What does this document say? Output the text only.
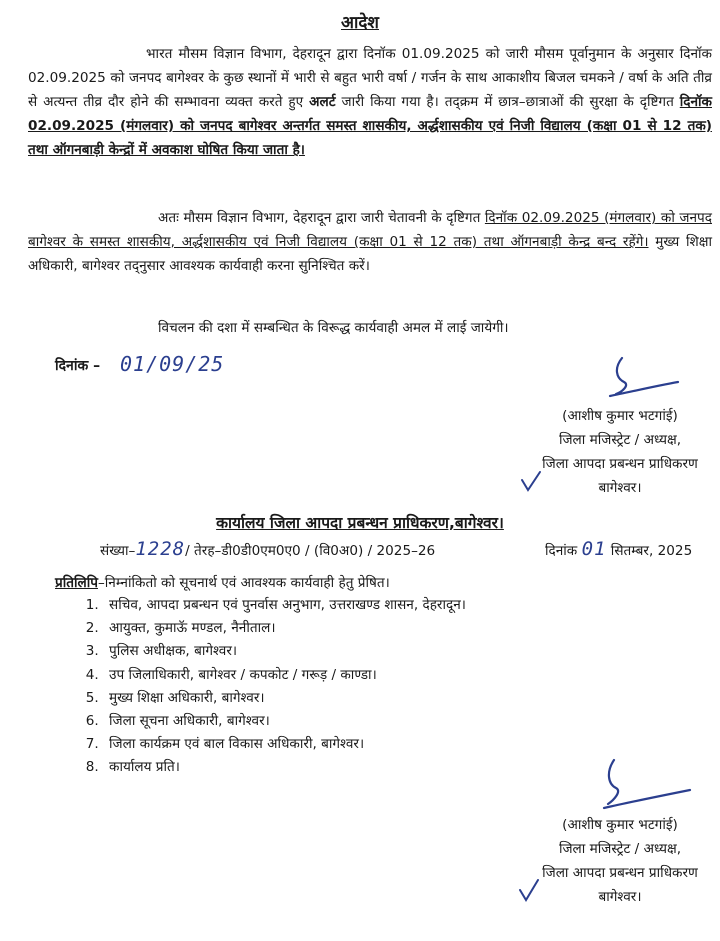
आदेश
भारत मौसम विज्ञान विभाग, देहरादून द्वारा दिनॉक 01.09.2025 को जारी मौसम पूर्वानुमान के अनुसार दिनॉक 02.09.2025 को जनपद बागेश्वर के कुछ स्थानों में भारी से बहुत भारी वर्षा / गर्जन के साथ आकाशीय बिजल चमकने / वर्षा के अति तीव्र से अत्यन्त तीव्र दौर होने की सम्भावना व्यक्त करते हुए अलर्ट जारी किया गया है। तद्‌क्रम में छात्र–छात्राओं की सुरक्षा के दृष्टिगत दिनॉक 02.09.2025 (मंगलवार) को जनपद बागेश्वर अन्तर्गत समस्त शासकीय, अर्द्धशासकीय एवं निजी विद्यालय (कक्षा 01 से 12 तक) तथा ऑगनबाड़ी केन्द्रों में अवकाश घोषित किया जाता है।
अतः मौसम विज्ञान विभाग, देहरादून द्वारा जारी चेतावनी के दृष्टिगत दिनॉक 02.09.2025 (मंगलवार) को जनपद बागेश्वर के समस्त शासकीय, अर्द्धशासकीय एवं निजी विद्यालय (कक्षा 01 से 12 तक) तथा ऑगनबाड़ी केन्द्र बन्द रहेंगे। मुख्य शिक्षा अधिकारी, बागेश्वर तद्नुसार आवश्यक कार्यवाही करना सुनिश्चित करें।
विचलन की दशा में सम्बन्धित के विरूद्ध कार्यवाही अमल में लाई जायेगी।
दिनांक – 01/09/25
(आशीष कुमार भटगांई)
जिला मजिस्ट्रेट / अध्यक्ष,
जिला आपदा प्रबन्धन प्राधिकरण
बागेश्वर।
कार्यालय जिला आपदा प्रबन्धन प्राधिकरण,बागेश्वर।
संख्या–1228/ तेरह–डी0डी0एम0ए0 / (वि0अ0) / 2025–26	दिनांक 01 सितम्बर, 2025
प्रतिलिपि–निम्नांकितो को सूचनार्थ एवं आवश्यक कार्यवाही हेतु प्रेषित।
1. सचिव, आपदा प्रबन्धन एवं पुनर्वास अनुभाग, उत्तराखण्ड शासन, देहरादून।
2. आयुक्त, कुमाऊॅ मण्डल, नैनीताल।
3. पुलिस अधीक्षक, बागेश्वर।
4. उप जिलाधिकारी, बागेश्वर / कपकोट / गरूड़ / काण्डा।
5. मुख्य शिक्षा अधिकारी, बागेश्वर।
6. जिला सूचना अधिकारी, बागेश्वर।
7. जिला कार्यक्रम एवं बाल विकास अधिकारी, बागेश्वर।
8. कार्यालय प्रति।
(आशीष कुमार भटगांई)
जिला मजिस्ट्रेट / अध्यक्ष,
जिला आपदा प्रबन्धन प्राधिकरण
बागेश्वर।
